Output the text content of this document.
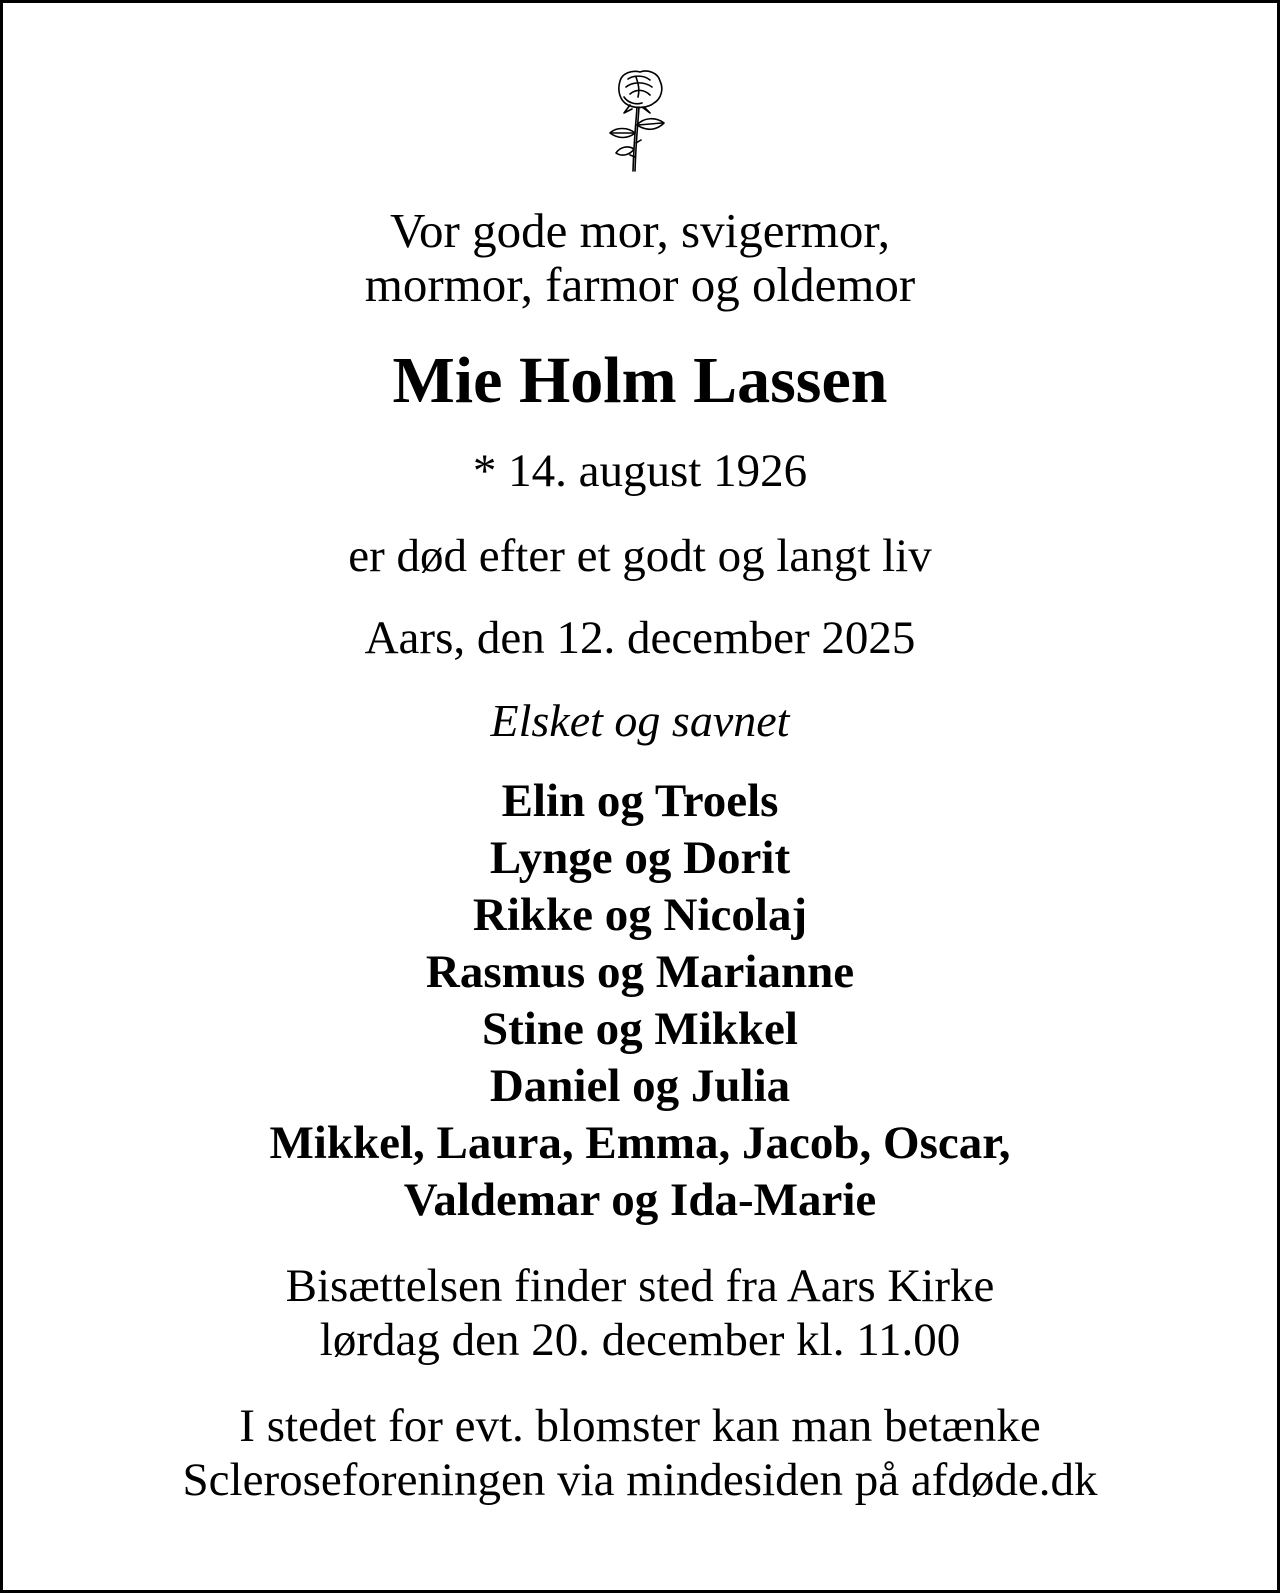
Vor gode mor, svigermor,
mormor, farmor og oldemor
Mie Holm Lassen
* 14. august 1926
er død efter et godt og langt liv
Aars, den 12. december 2025
Elsket og savnet
Elin og Troels
Lynge og Dorit
Rikke og Nicolaj
Rasmus og Marianne
Stine og Mikkel
Daniel og Julia
Mikkel, Laura, Emma, Jacob, Oscar,
Valdemar og Ida-Marie
Bisættelsen finder sted fra Aars Kirke
lørdag den 20. december kl. 11.00
I stedet for evt. blomster kan man betænke
Scleroseforeningen via mindesiden på afdøde.dk
